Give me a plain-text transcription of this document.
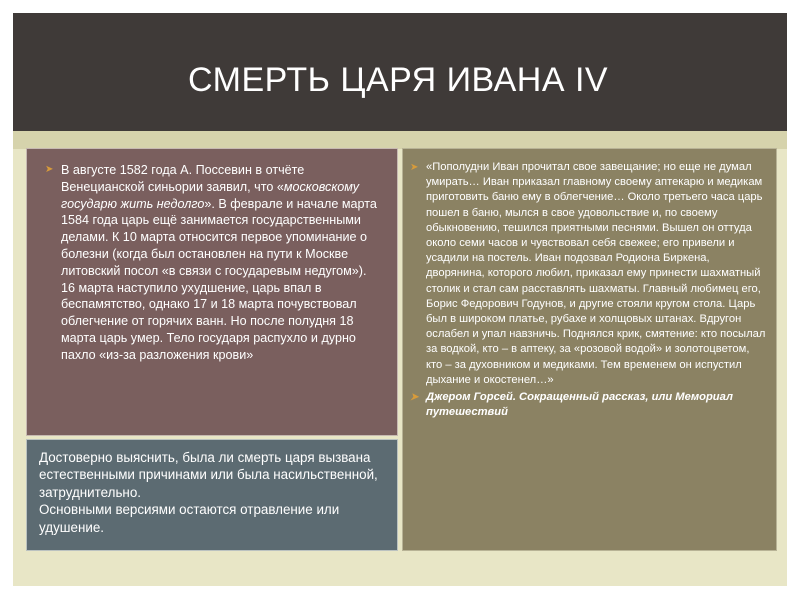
СМЕРТЬ ЦАРЯ ИВАНА IV
➤ В августе 1582 года А. Поссевин в отчёте Венецианской синьории заявил, что «московскому государю жить недолго». В феврале и начале марта 1584 года царь ещё занимается государственными делами. К 10 марта относится первое упоминание о болезни (когда был остановлен на пути к Москве литовский посол «в связи с государевым недугом»). 16 марта наступило ухудшение, царь впал в беспамятство, однако 17 и 18 марта почувствовал облегчение от горячих ванн. Но после полудня 18 марта царь умер. Тело государя распухло и дурно пахло «из-за разложения крови»
➤ «Пополудни Иван прочитал свое завещание; но еще не думал умирать… Иван приказал главному своему аптекарю и медикам приготовить баню ему в облегчение… Около третьего часа царь пошел в баню, мылся в свое удовольствие и, по своему обыкновению, тешился приятными песнями. Вышел он оттуда около семи часов и чувствовал себя свежее; его привели и усадили на постель. Иван подозвал Родиона Биркена, дворянина, которого любил, приказал ему принести шахматный столик и стал сам расставлять шахматы. Главный любимец его, Борис Федорович Годунов, и другие стояли кругом стола. Царь был в широком платье, рубахе и холщовых штанах. Вдругон ослабел и упал навзничь. Поднялся крик, смятение: кто посылал за водкой, кто – в аптеку, за «розовой водой» и золотоцветом, кто – за духовником и медиками. Тем временем он испустил дыхание и окостенел…»
➤ Джером Горсей. Сокращенный рассказ, или Мемориал путешествий
Достоверно выяснить, была ли смерть царя вызвана естественными причинами или была насильственной, затруднительно.
Основными версиями остаются отравление или удушение.
